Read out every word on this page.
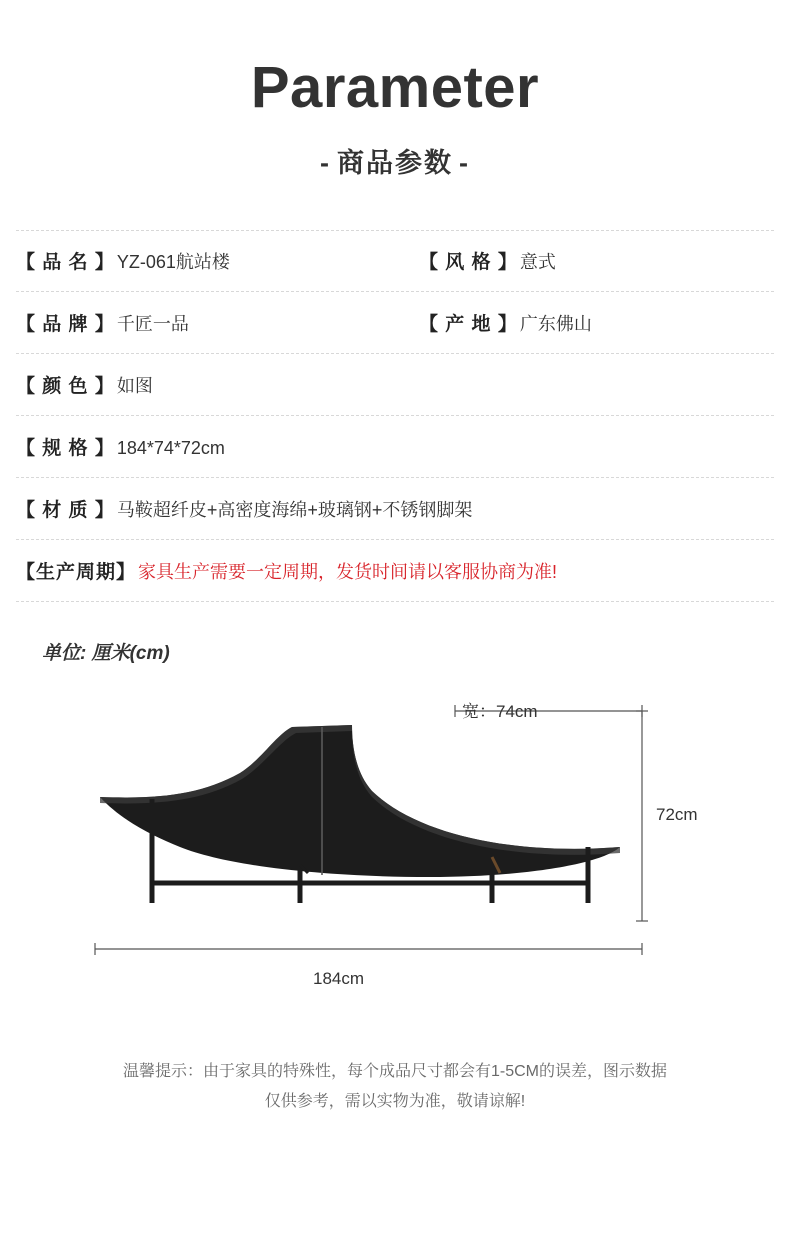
Parameter
- 商品参数 -
【 品 名 】 YZ-061航站楼	【 风 格 】 意式
【 品 牌 】 千匠一品	【 产 地 】 广东佛山
【 颜 色 】 如图
【 规 格 】 184*74*72cm
【 材 质 】 马鞍超纤皮+高密度海绵+玻璃钢+不锈钢脚架
【生产周期】 家具生产需要一定周期，发货时间请以客服协商为准!
单位: 厘米(cm)
宽：74cm
72cm
184cm
温馨提示：由于家具的特殊性，每个成品尺寸都会有1-5CM的误差，图示数据
仅供参考，需以实物为准，敬请谅解!
